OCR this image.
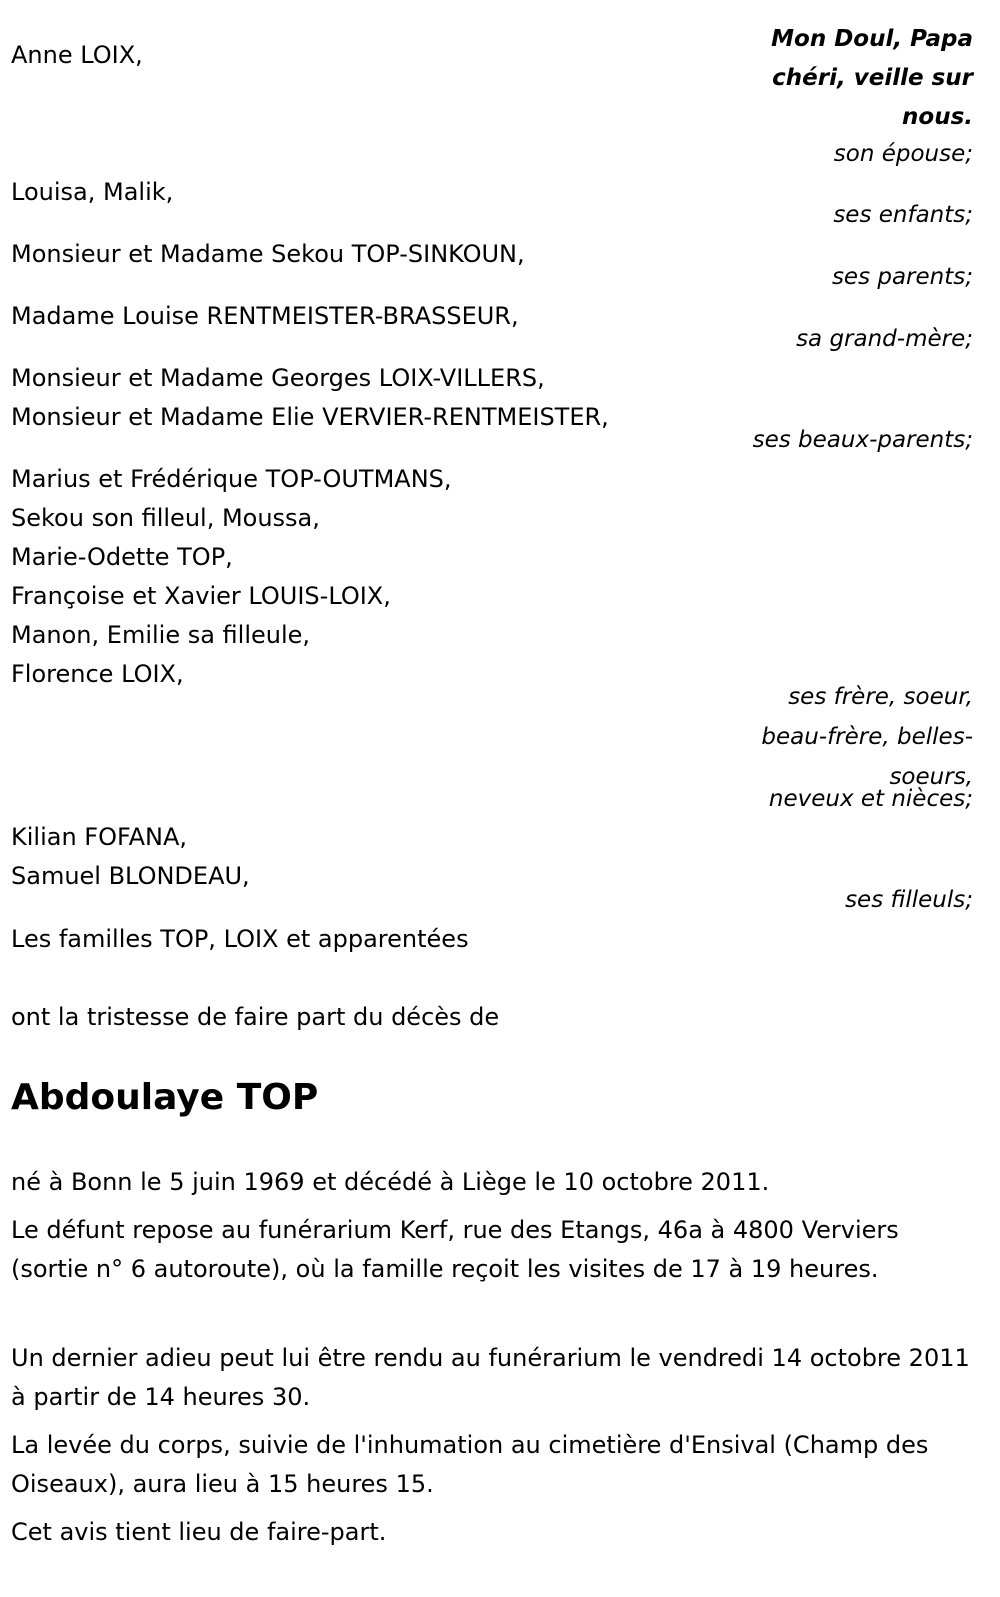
Mon Doul, Papa chéri, veille sur nous.
Anne LOIX,
son épouse;
Louisa, Malik,
ses enfants;
Monsieur et Madame Sekou TOP-SINKOUN,
ses parents;
Madame Louise RENTMEISTER-BRASSEUR,
sa grand-mère;
Monsieur et Madame Georges LOIX-VILLERS,
Monsieur et Madame Elie VERVIER-RENTMEISTER,
ses beaux-parents;
Marius et Frédérique TOP-OUTMANS,
Sekou son filleul, Moussa,
Marie-Odette TOP,
Françoise et Xavier LOUIS-LOIX,
Manon, Emilie sa filleule,
Florence LOIX,
ses frère, soeur,
beau-frère, belles-
soeurs,
neveux et nièces;
Kilian FOFANA,
Samuel BLONDEAU,
ses filleuls;
Les familles TOP, LOIX et apparentées
ont la tristesse de faire part du décès de
Abdoulaye TOP
né à Bonn le 5 juin 1969 et décédé à Liège le 10 octobre 2011.
Le défunt repose au funérarium Kerf, rue des Etangs, 46a à 4800 Verviers (sortie n° 6 autoroute), où la famille reçoit les visites de 17 à 19 heures.
Un dernier adieu peut lui être rendu au funérarium le vendredi 14 octobre 2011 à partir de 14 heures 30.
La levée du corps, suivie de l'inhumation au cimetière d'Ensival (Champ des Oiseaux), aura lieu à 15 heures 15.
Cet avis tient lieu de faire-part.
